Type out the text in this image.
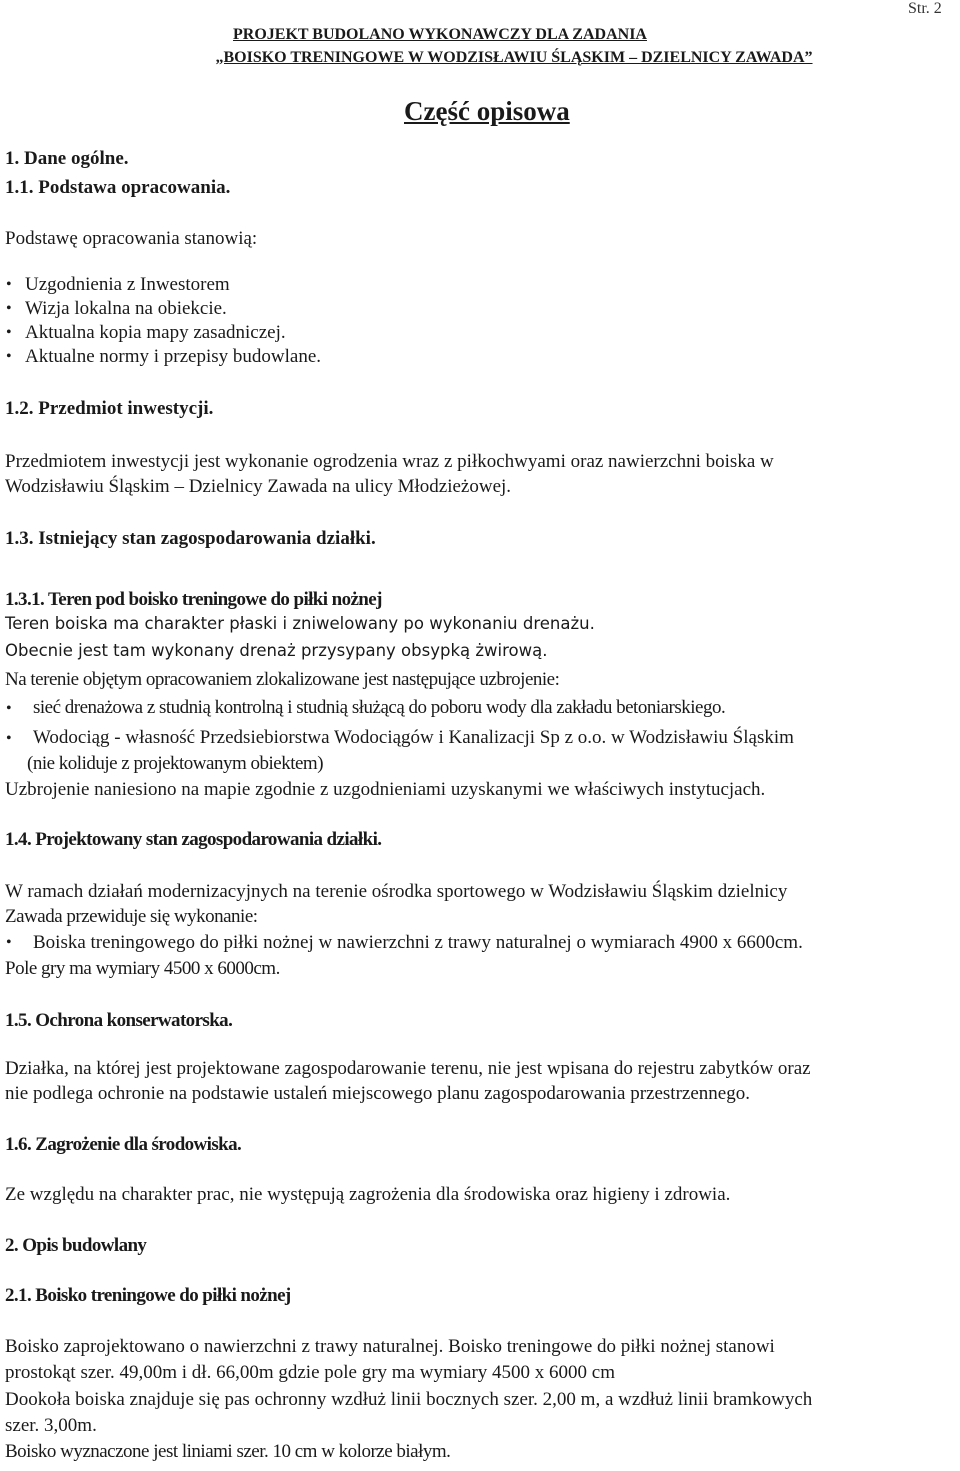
Str. 2
PROJEKT BUDOLANO WYKONAWCZY DLA ZADANIA
„BOISKO TRENINGOWE W WODZISŁAWIU ŚLĄSKIM – DZIELNICY ZAWADA”
Część opisowa
1. Dane ogólne.
1.1. Podstawa opracowania.
Podstawę opracowania stanowią:
• Uzgodnienia z Inwestorem
• Wizja lokalna na obiekcie.
• Aktualna kopia mapy zasadniczej.
• Aktualne normy i przepisy budowlane.
1.2. Przedmiot inwestycji.
Przedmiotem inwestycji jest wykonanie ogrodzenia wraz z piłkochwyami oraz nawierzchni boiska w
Wodzisławiu Śląskim – Dzielnicy Zawada na ulicy Młodzieżowej.
1.3. Istniejący stan zagospodarowania działki.
1.3.1. Teren pod boisko treningowe do piłki nożnej
Teren boiska ma charakter płaski i zniwelowany po wykonaniu drenażu.
Obecnie jest tam wykonany drenaż przysypany obsypką żwirową.
Na terenie objętym opracowaniem zlokalizowane jest następujące uzbrojenie:
• sieć drenażowa z studnią kontrolną i studnią służącą do poboru wody dla zakładu betoniarskiego.
• Wodociąg - własność Przedsiebiorstwa Wodociągów i Kanalizacji Sp z o.o. w Wodzisławiu Śląskim
(nie koliduje z projektowanym obiektem)
Uzbrojenie naniesiono na mapie zgodnie z uzgodnieniami uzyskanymi we właściwych instytucjach.
1.4. Projektowany stan zagospodarowania działki.
W ramach działań modernizacyjnych na terenie ośrodka sportowego w Wodzisławiu Śląskim dzielnicy
Zawada przewiduje się wykonanie:
• Boiska treningowego do piłki nożnej w nawierzchni z trawy naturalnej o wymiarach 4900 x 6600cm.
Pole gry ma wymiary 4500 x 6000cm.
1.5. Ochrona konserwatorska.
Działka, na której jest projektowane zagospodarowanie terenu, nie jest wpisana do rejestru zabytków oraz
nie podlega ochronie na podstawie ustaleń miejscowego planu zagospodarowania przestrzennego.
1.6. Zagrożenie dla środowiska.
Ze względu na charakter prac, nie występują zagrożenia dla środowiska oraz higieny i zdrowia.
2. Opis budowlany
2.1. Boisko treningowe do piłki nożnej
Boisko zaprojektowano o nawierzchni z trawy naturalnej. Boisko treningowe do piłki nożnej stanowi
prostokąt szer. 49,00m i dł. 66,00m gdzie pole gry ma wymiary 4500 x 6000 cm
Dookoła boiska znajduje się pas ochronny wzdłuż linii bocznych szer. 2,00 m, a wzdłuż linii bramkowych
szer. 3,00m.
Boisko wyznaczone jest liniami szer. 10 cm w kolorze białym.
